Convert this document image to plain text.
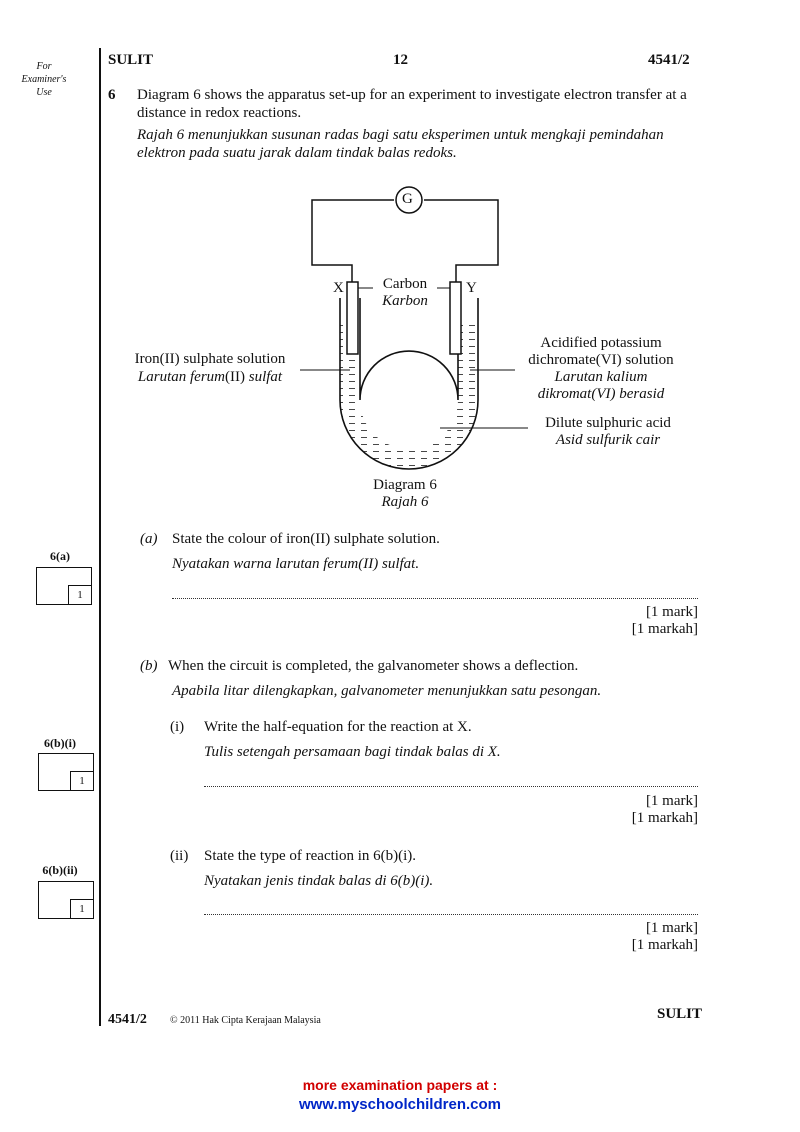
For Examiner's Use
SULIT	12	4541/2
6 Diagram 6 shows the apparatus set-up for an experiment to investigate electron transfer at a distance in redox reactions.
Rajah 6 menunjukkan susunan radas bagi satu eksperimen untuk mengkaji pemindahan elektron pada suatu jarak dalam tindak balas redoks.
G
X	Y
Carbon
Karbon
Iron(II) sulphate solution
Larutan ferum(II) sulfat
Acidified potassium
dichromate(VI) solution
Larutan kalium
dikromat(VI) berasid
Dilute sulphuric acid
Asid sulfurik cair
Diagram 6
Rajah 6
(a) State the colour of iron(II) sulphate solution.
Nyatakan warna larutan ferum(II) sulfat.
[1 mark]
[1 markah]
6(a)
1
(b) When the circuit is completed, the galvanometer shows a deflection.
Apabila litar dilengkapkan, galvanometer menunjukkan satu pesongan.
(i) Write the half-equation for the reaction at X.
Tulis setengah persamaan bagi tindak balas di X.
[1 mark]
[1 markah]
6(b)(i)
1
(ii) State the type of reaction in 6(b)(i).
Nyatakan jenis tindak balas di 6(b)(i).
[1 mark]
[1 markah]
6(b)(ii)
1
4541/2 © 2011 Hak Cipta Kerajaan Malaysia	SULIT
more examination papers at :
www.myschoolchildren.com
